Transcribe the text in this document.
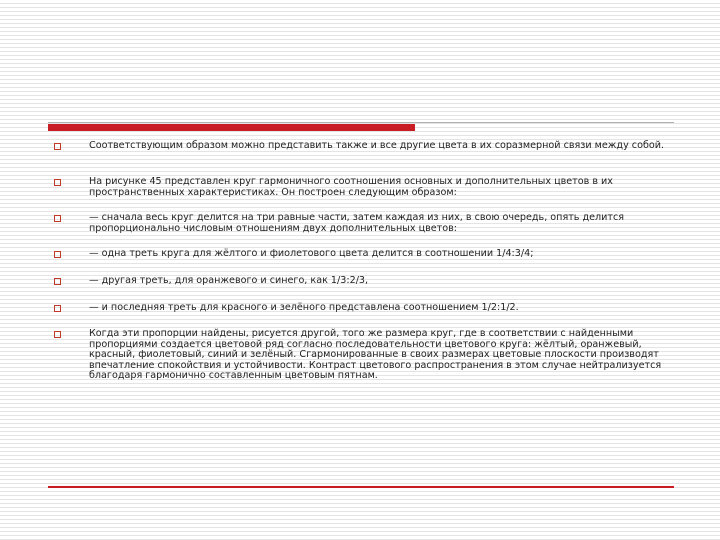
Соответствующим образом можно представить также и все другие цвета в их соразмерной связи между собой.
На рисунке 45 представлен круг гармоничного соотношения основных и дополнительных цветов в их пространственных характеристиках. Он построен следующим образом:
— сначала весь круг делится на три равные части, затем каждая из них, в свою очередь, опять делится пропорционально числовым отношениям двух дополнительных цветов:
— одна треть круга для жёлтого и фиолетового цвета делится в соотношении 1/4:3/4;
— другая треть, для оранжевого и синего, как 1/3:2/3,
— и последняя треть для красного и зелёного представлена соотношением 1/2:1/2.
Когда эти пропорции найдены, рисуется другой, того же размера круг, где в соответствии с найденными пропорциями создается цветовой ряд согласно последовательности цветового круга: жёлтый, оранжевый, красный, фиолетовый, синий и зелёный. Сгармонированные в своих размерах цветовые плоскости производят впечатление спокойствия и устойчивости. Контраст цветового распространения в этом случае нейтрализуется благодаря гармонично составленным цветовым пятнам.
